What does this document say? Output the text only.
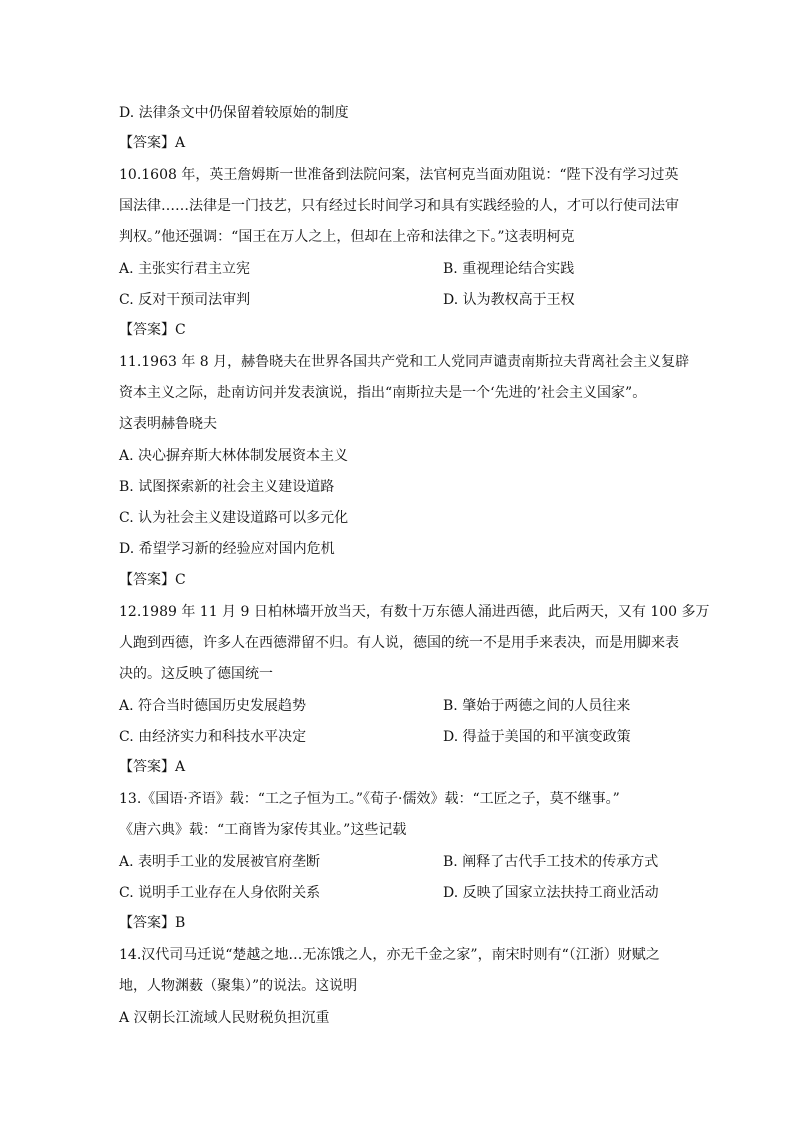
D. 法律条文中仍保留着较原始的制度
【答案】A
10.1608 年，英王詹姆斯一世准备到法院问案，法官柯克当面劝阻说：“陛下没有学习过英
国法律……法律是一门技艺，只有经过长时间学习和具有实践经验的人，才可以行使司法审
判权。”他还强调：“国王在万人之上，但却在上帝和法律之下。”这表明柯克
A. 主张实行君主立宪	B. 重视理论结合实践
C. 反对干预司法审判	D. 认为教权高于王权
【答案】C
11.1963 年 8 月，赫鲁晓夫在世界各国共产党和工人党同声谴责南斯拉夫背离社会主义复辟
资本主义之际，赴南访问并发表演说，指出“南斯拉夫是一个‘先进的’社会主义国家”。
这表明赫鲁晓夫
A. 决心摒弃斯大林体制发展资本主义
B. 试图探索新的社会主义建设道路
C. 认为社会主义建设道路可以多元化
D. 希望学习新的经验应对国内危机
【答案】C
12.1989 年 11 月 9 日柏林墙开放当天，有数十万东德人涌进西德，此后两天，又有 100 多万
人跑到西德，许多人在西德滞留不归。有人说，德国的统一不是用手来表决，而是用脚来表
决的。这反映了德国统一
A. 符合当时德国历史发展趋势	B. 肇始于两德之间的人员往来
C. 由经济实力和科技水平决定	D. 得益于美国的和平演变政策
【答案】A
13.《国语·齐语》载：“工之子恒为工。”《荀子·儒效》载：“工匠之子，莫不继事。”
《唐六典》载：“工商皆为家传其业。”这些记载
A. 表明手工业的发展被官府垄断	B. 阐释了古代手工技术的传承方式
C. 说明手工业存在人身依附关系	D. 反映了国家立法扶持工商业活动
【答案】B
14.汉代司马迁说“楚越之地…无冻饿之人，亦无千金之家”，南宋时则有“（江浙）财赋之
地，人物渊薮（聚集）”的说法。这说明
A 汉朝长江流域人民财税负担沉重
